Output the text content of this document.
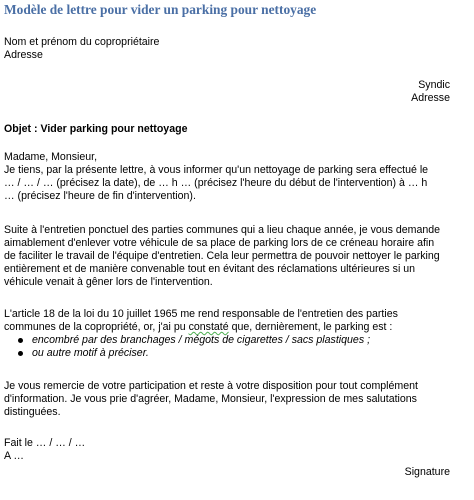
Modèle de lettre pour vider un parking pour nettoyage
Nom et prénom du copropriétaire
Adresse
Syndic
Adresse
Objet : Vider parking pour nettoyage
Madame, Monsieur,
Je tiens, par la présente lettre, à vous informer qu'un nettoyage de parking sera effectué le
… / … / … (précisez la date), de … h … (précisez l'heure du début de l'intervention) à … h
… (précisez l'heure de fin d'intervention).
Suite à l'entretien ponctuel des parties communes qui a lieu chaque année, je vous demande
aimablement d'enlever votre véhicule de sa place de parking lors de ce créneau horaire afin
de faciliter le travail de l'équipe d'entretien. Cela leur permettra de pouvoir nettoyer le parking
entièrement et de manière convenable tout en évitant des réclamations ultérieures si un
véhicule venait à gêner lors de l'intervention.
L'article 18 de la loi du 10 juillet 1965 me rend responsable de l'entretien des parties
communes de la copropriété, or, j'ai pu constaté que, dernièrement, le parking est :
encombré par des branchages / mégots de cigarettes / sacs plastiques ;
ou autre motif à préciser.
Je vous remercie de votre participation et reste à votre disposition pour tout complément
d'information. Je vous prie d'agréer, Madame, Monsieur, l'expression de mes salutations
distinguées.
Fait le … / … / …
A …
Signature
